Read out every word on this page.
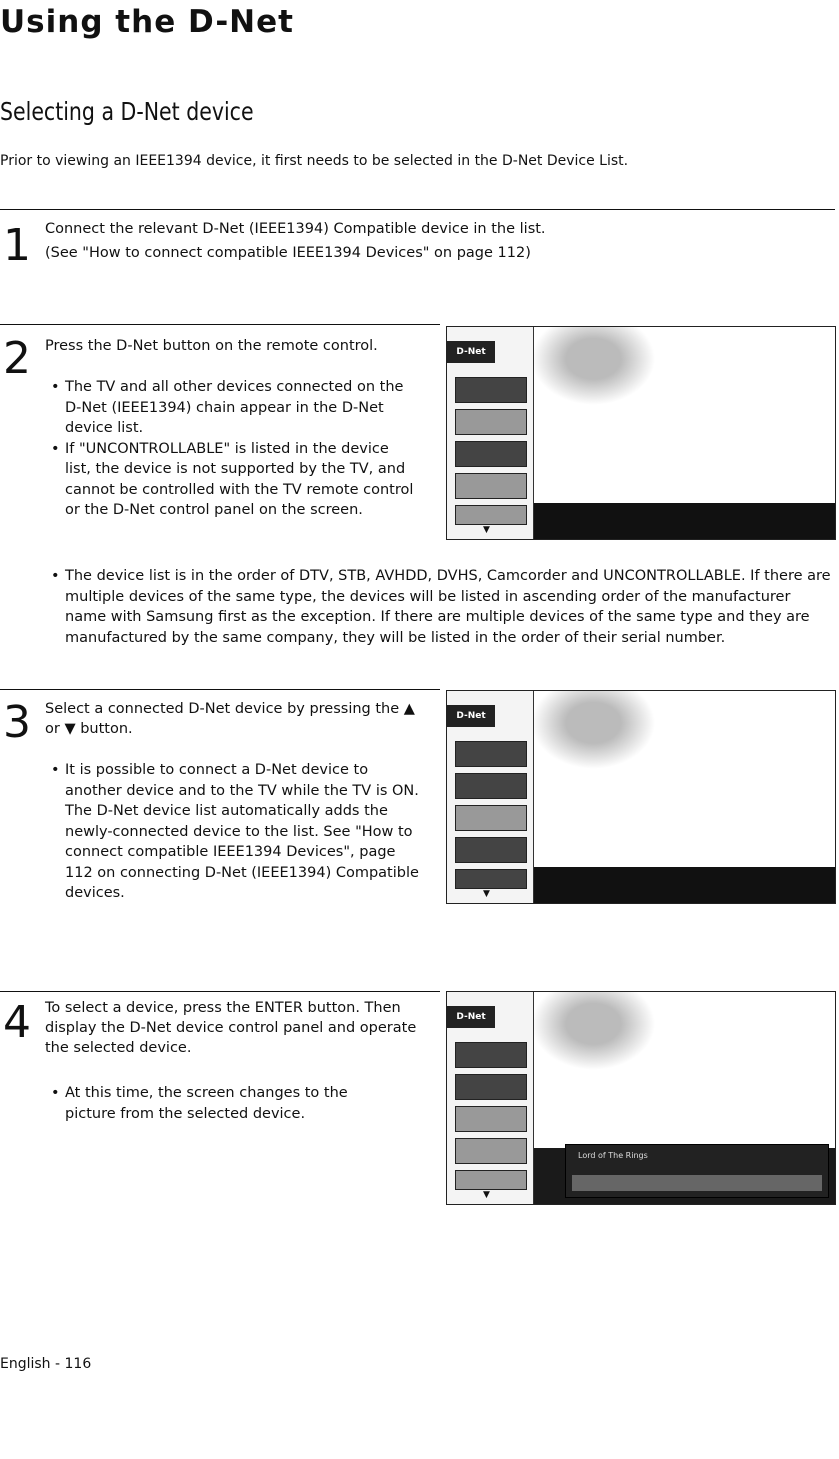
Using the D-Net
Selecting a D-Net device
Prior to viewing an IEEE1394 device, it first needs to be selected in the D-Net Device List.
1 Connect the relevant D-Net (IEEE1394) Compatible device in the list.
(See "How to connect compatible IEEE1394 Devices" on page 112)
2 Press the D-Net button on the remote control.
• The TV and all other devices connected on the D-Net (IEEE1394) chain appear in the D-Net device list.
• If "UNCONTROLLABLE" is listed in the device list, the device is not supported by the TV, and cannot be controlled with the TV remote control or the D-Net control panel on the screen.
• The device list is in the order of DTV, STB, AVHDD, DVHS, Camcorder and UNCONTROLLABLE. If there are multiple devices of the same type, the devices will be listed in ascending order of the manufacturer name with Samsung first as the exception. If there are multiple devices of the same type and they are manufactured by the same company, they will be listed in the order of their serial number.
D-Net
▼
3 Select a connected D-Net device by pressing the ▲ or ▼ button.
• It is possible to connect a D-Net device to another device and to the TV while the TV is ON. The D-Net device list automatically adds the newly-connected device to the list. See "How to connect compatible IEEE1394 Devices", page 112 on connecting D-Net (IEEE1394) Compatible devices.
D-Net
▼
4 To select a device, press the ENTER button. Then display the D-Net device control panel and operate the selected device.
• At this time, the screen changes to the picture from the selected device.
D-Net
▼
Lord of The Rings
English - 116
